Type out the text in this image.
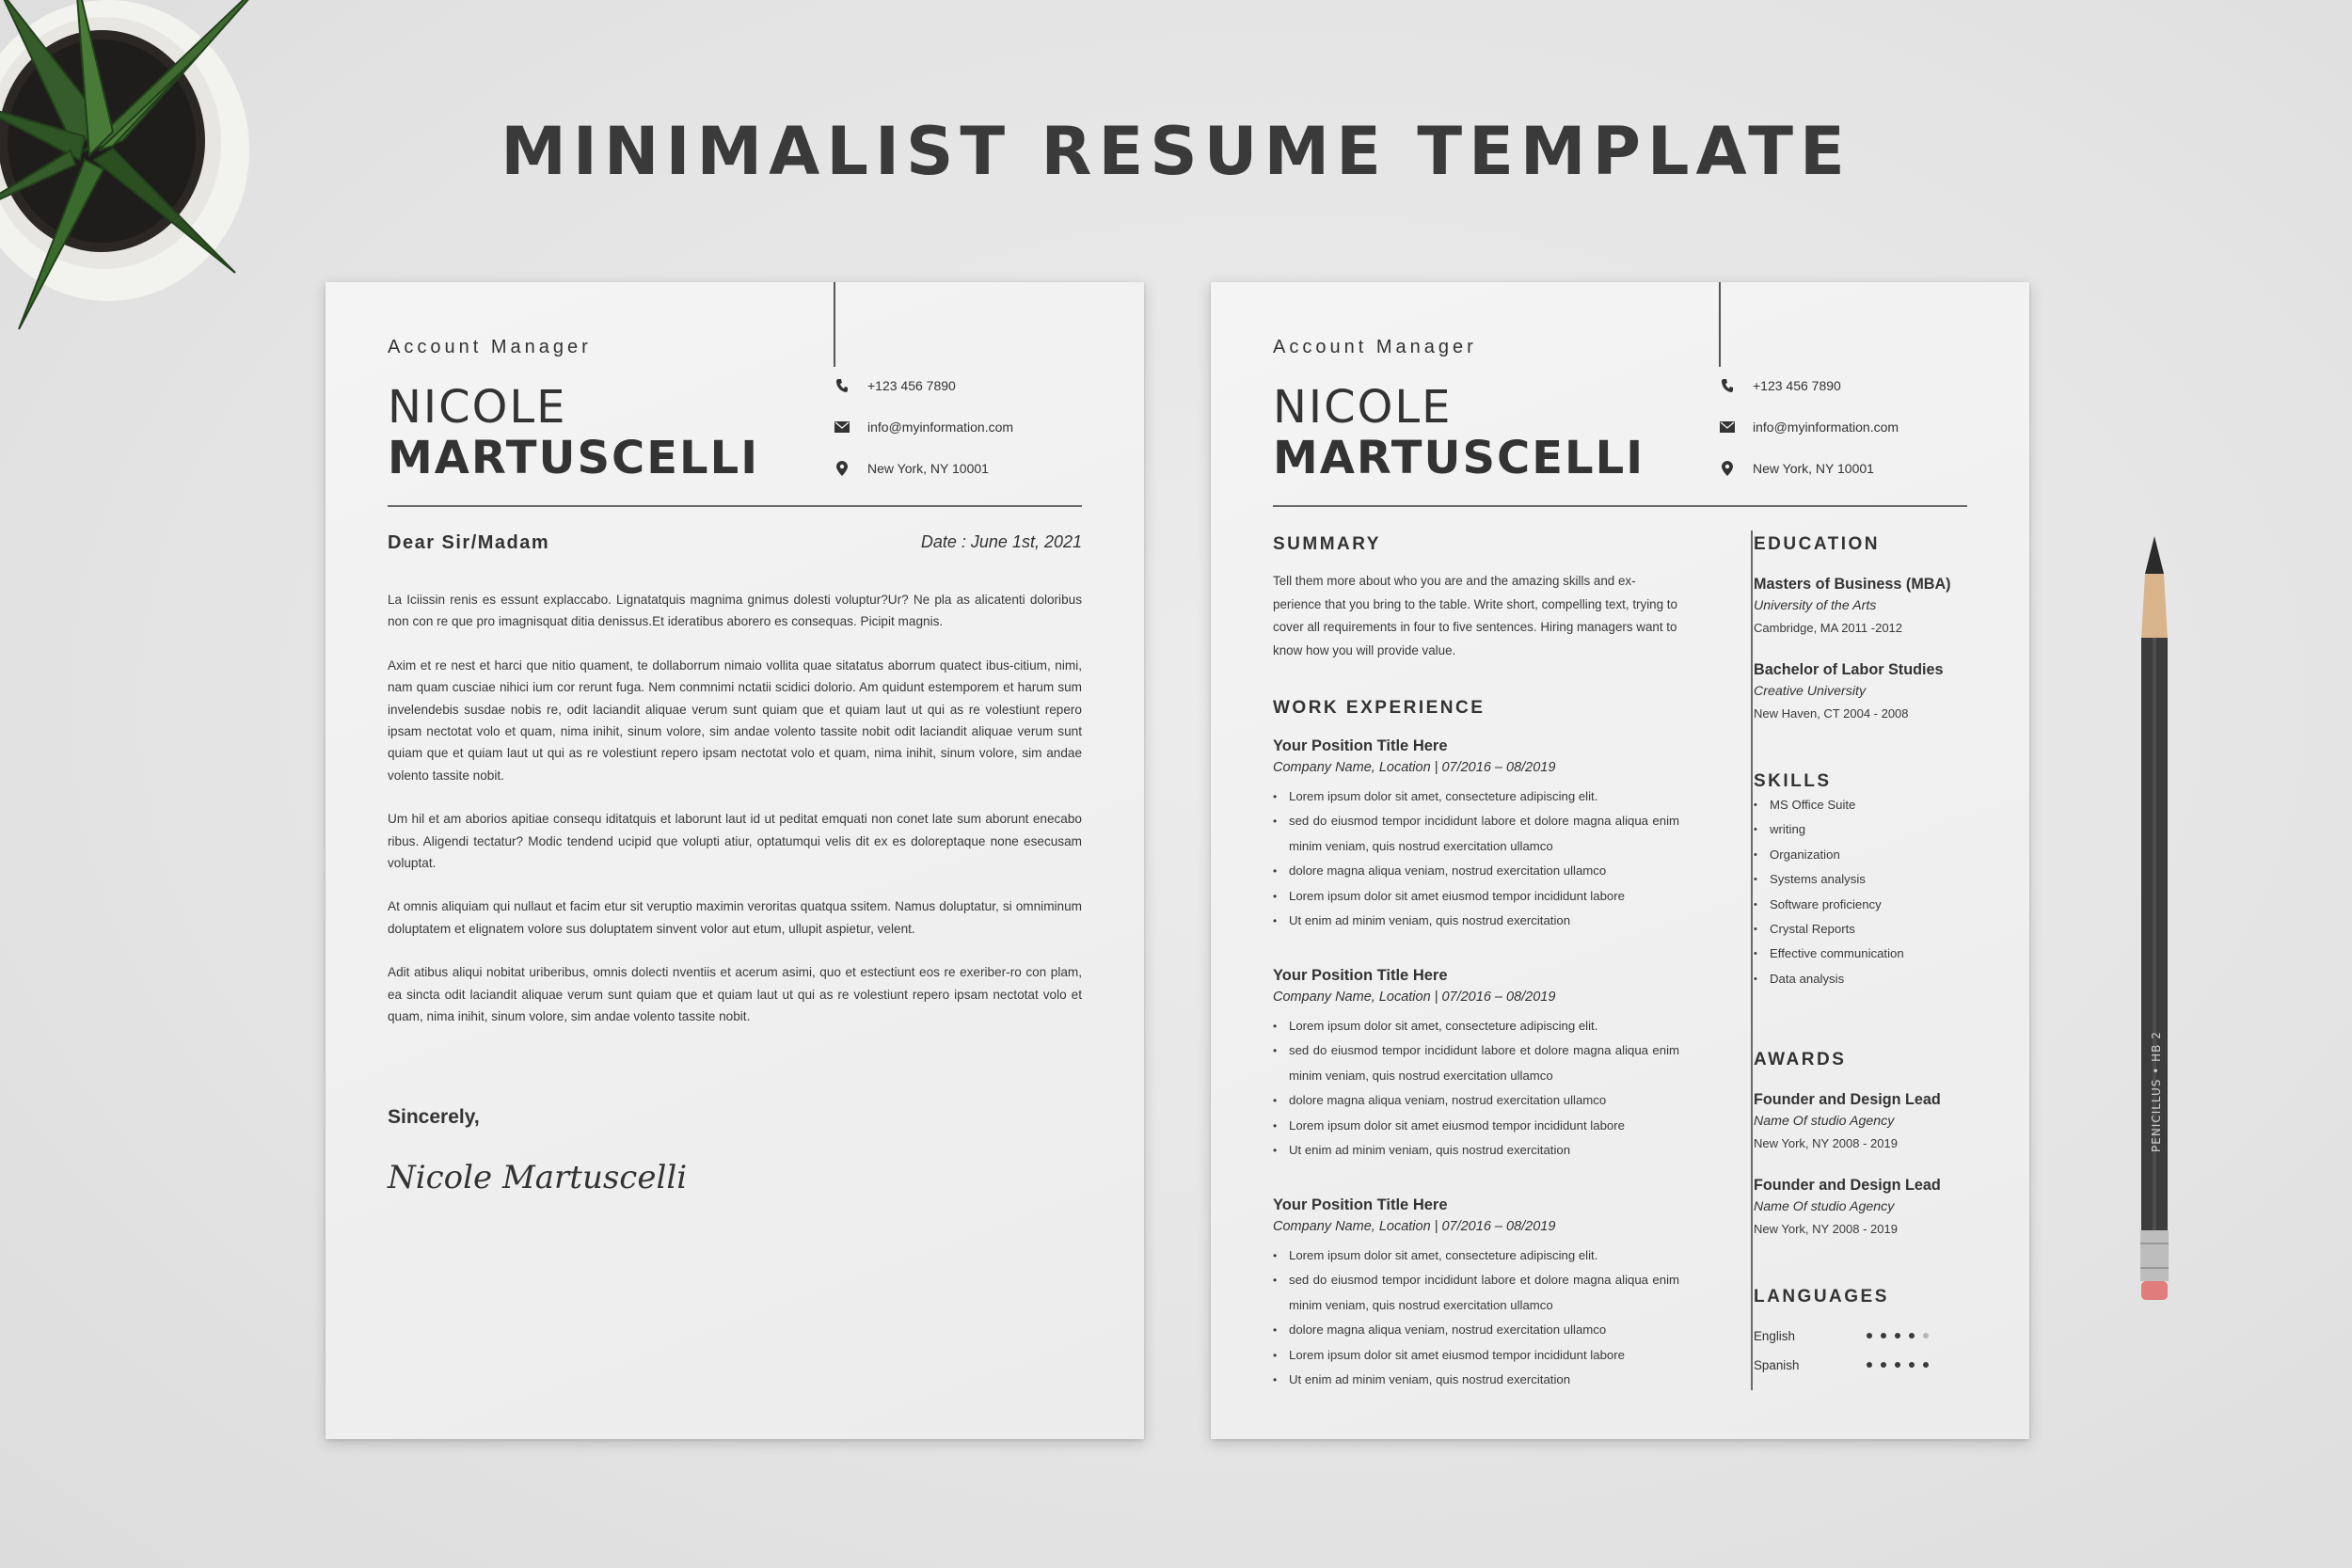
MINIMALIST RESUME TEMPLATE
Account Manager
NICOLE
MARTUSCELLI
+123 456 7890
info@myinformation.com
New York, NY 10001
Dear Sir/Madam	Date : June 1st, 2021

La Iciissin renis es essunt explaccabo. Lignatatquis magnima gnimus dolesti voluptur?Ur? Ne pla as alicatenti doloribus non con re que pro imagnisquat ditia denissus.Et ideratibus aborero es consequas. Picipit magnis.

Axim et re nest et harci que nitio quament, te dollaborrum nimaio vollita quae sitatatus aborrum quatect ibus-citium, nimi, nam quam cusciae nihici ium cor rerunt fuga. Nem conmnimi nctatii scidici dolorio. Am quidunt estemporem et harum sum invelendebis susdae nobis re, odit laciandit aliquae verum sunt quiam que et quiam laut ut qui as re volestiunt repero ipsam nectotat volo et quam, nima inihit, sinum volore, sim andae volento tassite nobit odit laciandit aliquae verum sunt quiam que et quiam laut ut qui as re volestiunt repero ipsam nectotat volo et quam, nima inihit, sinum volore, sim andae volento tassite nobit.

Um hil et am aborios apitiae consequ iditatquis et laborunt laut id ut peditat emquati non conet late sum aborunt enecabo ribus. Aligendi tectatur? Modic tendend ucipid que volupti atiur, optatumqui velis dit ex es doloreptaque none esecusam voluptat.

At omnis aliquiam qui nullaut et facim etur sit veruptio maximin veroritas quatqua ssitem. Namus doluptatur, si omniminum doluptatem et elignatem volore sus doluptatem sinvent volor aut etum, ullupit aspietur, velent.

Adit atibus aliqui nobitat uriberibus, omnis dolecti nventiis et acerum asimi, quo et estectiunt eos re exeriber-ro con plam, ea sincta odit laciandit aliquae verum sunt quiam que et quiam laut ut qui as re volestiunt repero ipsam nectotat volo et quam, nima inihit, sinum volore, sim andae volento tassite nobit.

Sincerely,
Nicole Martuscelli
Account Manager
NICOLE
MARTUSCELLI
+123 456 7890
info@myinformation.com
New York, NY 10001
SUMMARY
Tell them more about who you are and the amazing skills and ex-perience that you bring to the table. Write short, compelling text, trying to cover all requirements in four to five sentences. Hiring managers want to know how you will provide value.
WORK EXPERIENCE
Your Position Title Here
Company Name, Location | 07/2016 – 08/2019
• Lorem ipsum dolor sit amet, consecteture adipiscing elit.
• sed do eiusmod tempor incididunt labore et dolore magna aliqua enim minim veniam, quis nostrud exercitation ullamco
• dolore magna aliqua veniam, nostrud exercitation ullamco
• Lorem ipsum dolor sit amet eiusmod tempor incididunt labore
• Ut enim ad minim veniam, quis nostrud exercitation
Your Position Title Here
Company Name, Location | 07/2016 – 08/2019
• Lorem ipsum dolor sit amet, consecteture adipiscing elit.
• sed do eiusmod tempor incididunt labore et dolore magna aliqua enim minim veniam, quis nostrud exercitation ullamco
• dolore magna aliqua veniam, nostrud exercitation ullamco
• Lorem ipsum dolor sit amet eiusmod tempor incididunt labore
• Ut enim ad minim veniam, quis nostrud exercitation
Your Position Title Here
Company Name, Location | 07/2016 – 08/2019
• Lorem ipsum dolor sit amet, consecteture adipiscing elit.
• sed do eiusmod tempor incididunt labore et dolore magna aliqua enim minim veniam, quis nostrud exercitation ullamco
• dolore magna aliqua veniam, nostrud exercitation ullamco
• Lorem ipsum dolor sit amet eiusmod tempor incididunt labore
• Ut enim ad minim veniam, quis nostrud exercitation
EDUCATION
Masters of Business (MBA)
University of the Arts
Cambridge, MA 2011 -2012
Bachelor of Labor Studies
Creative University
New Haven, CT 2004 - 2008
SKILLS
• MS Office Suite
• writing
• Organization
• Systems analysis
• Software proficiency
• Crystal Reports
• Effective communication
• Data analysis
AWARDS
Founder and Design Lead
Name Of studio Agency
New York, NY 2008 - 2019
Founder and Design Lead
Name Of studio Agency
New York, NY 2008 - 2019
LANGUAGES
English
Spanish
PENICILLUS • HB 2
